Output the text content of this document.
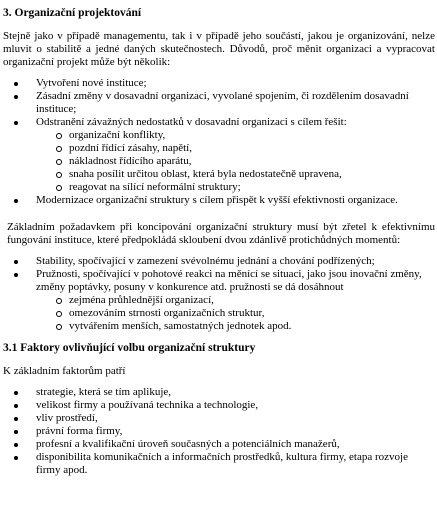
3. Organizační projektování

Stejně jako v případě managementu, tak i v případě jeho součástí, jakou je organizování, nelze mluvit o stabilitě a jedné daných skutečnostech. Důvodů, proč měnit organizaci a vypracovat organizační projekt může být několik:

Vytvoření nové instituce;
Zásadní změny v dosavadní organizaci, vyvolané spojením, či rozdělením dosavadní instituce;
Odstranění závažných nedostatků v dosavadní organizaci s cílem řešit:
organizační konflikty,
pozdní řídící zásahy, napětí,
nákladnost řídícího aparátu,
snaha posílit určitou oblast, která byla nedostatečně upravena,
reagovat na sílící neformální struktury;
Modernizace organizační struktury s cílem přispět k vyšší efektivnosti organizace.

Základním požadavkem při koncipování organizační struktury musí být zřetel k efektivnímu fungování instituce, které předpokládá skloubení dvou zdánlivě protichůdných momentů:

Stability, spočívající v zamezení svévolnému jednání a chování podřízených;
Pružnosti, spočívající v pohotové reakci na měnící se situaci, jako jsou inovační změny, změny poptávky, posuny v konkurence atd. pružnosti se dá dosáhnout
zejména průhlednější organizací,
omezováním strnosti organizačních struktur,
vytvářením menších, samostatných jednotek apod.
3.1 Faktory ovlivňující volbu organizační struktury

K základním faktorům patří

strategie, která se tím aplikuje,
velikost firmy a používaná technika a technologie,
vliv prostředí,
právní forma firmy,
profesní a kvalifikační úroveň současných a potenciálních manažerů,
disponibilita komunikačních a informačních prostředků, kultura firmy, etapa rozvoje firmy apod.
